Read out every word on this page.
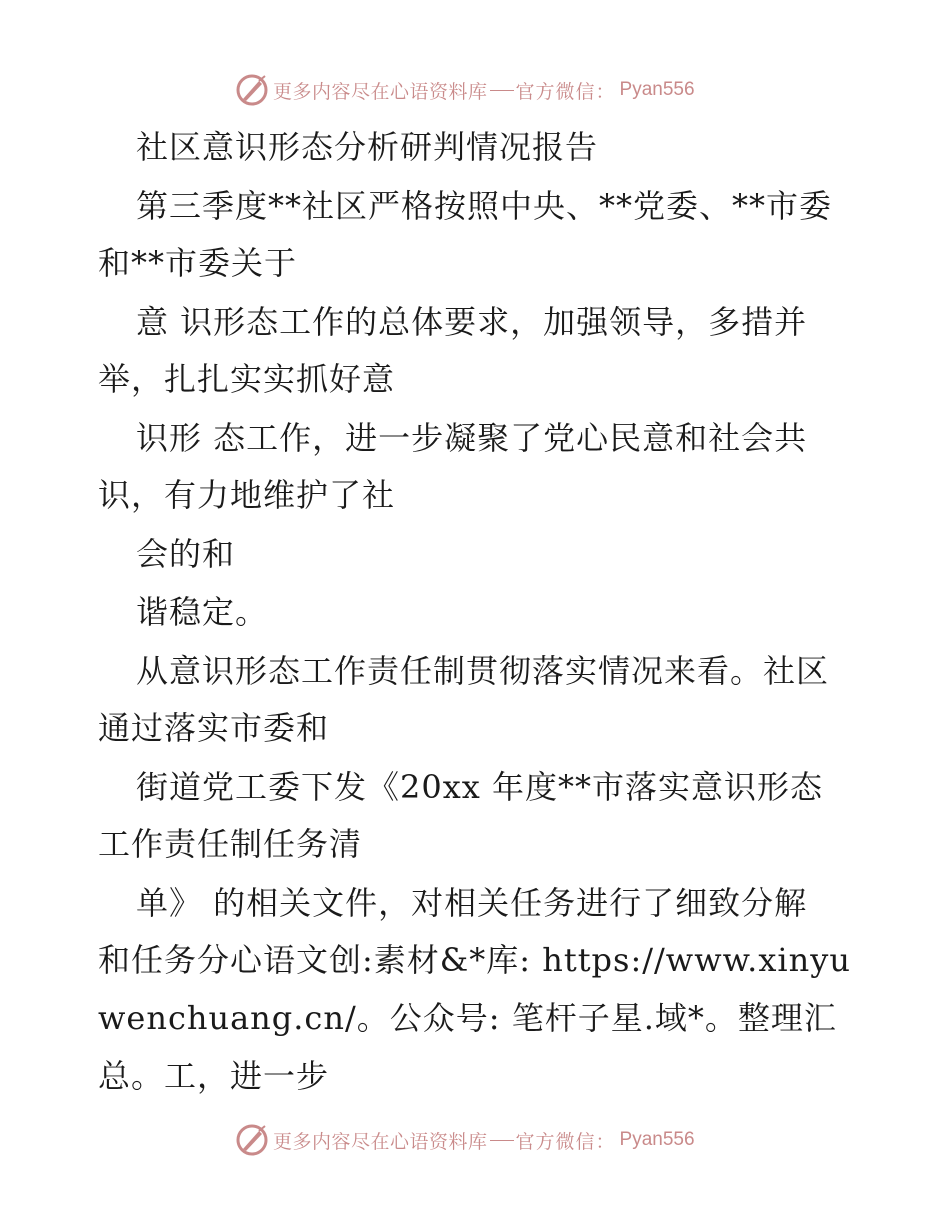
更多内容尽在心语资料库 官方微信： Pyan556
社区意识形态分析研判情况报告
第三季度**社区严格按照中央、**党委、**市委
和**市委关于
意 识形态工作的总体要求，加强领导，多措并
举，扎扎实实抓好意
识形 态工作，进一步凝聚了党心民意和社会共
识，有力地维护了社
会的和
谐稳定。
从意识形态工作责任制贯彻落实情况来看。社区
通过落实市委和
街道党工委下发《20xx 年度**市落实意识形态
工作责任制任务清
单》 的相关文件，对相关任务进行了细致分解
和任务分心语文创:素材&*库: https://www.xinyu
wenchuang.cn/。公众号: 笔杆子星.域*。整理汇
总。工，进一步
更多内容尽在心语资料库 官方微信： Pyan556
